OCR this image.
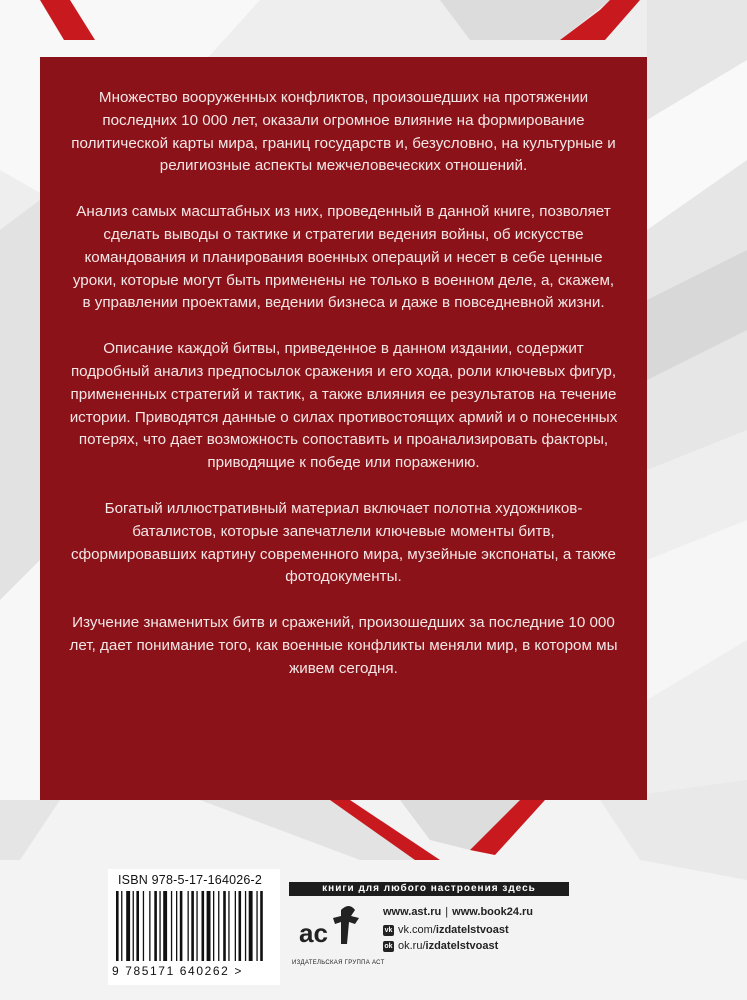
Множество вооруженных конфликтов, произошедших на протяжении последних 10 000 лет, оказали огромное влияние на формирование политической карты мира, границ государств и, безусловно, на культурные и религиозные аспекты межчеловеческих отношений.

Анализ самых масштабных из них, проведенный в данной книге, позволяет сделать выводы о тактике и стратегии ведения войны, об искусстве командования и планирования военных операций и несет в себе ценные уроки, которые могут быть применены не только в военном деле, а, скажем, в управлении проектами, ведении бизнеса и даже в повседневной жизни.

Описание каждой битвы, приведенное в данном издании, содержит подробный анализ предпосылок сражения и его хода, роли ключевых фигур, примененных стратегий и тактик, а также влияния ее результатов на течение истории. Приводятся данные о силах противостоящих армий и о понесенных потерях, что дает возможность сопоставить и проанализировать факторы, приводящие к победе или поражению.

Богатый иллюстративный материал включает полотна художников-баталистов, которые запечатлели ключевые моменты битв, сформировавших картину современного мира, музейные экспонаты, а также фотодокументы.

Изучение знаменитых битв и сражений, произошедших за последние 10 000 лет, дает понимание того, как военные конфликты меняли мир, в котором мы живем сегодня.

ISBN 978-5-17-164026-2
9 785171 640262 >
книги для любого настроения здесь
ас
ИЗДАТЕЛЬСКАЯ ГРУППА АСТ
www.ast.ru | www.book24.ru
vk vk.com/ izdatelstvoast
ok ok.ru/ izdatelstvoast
